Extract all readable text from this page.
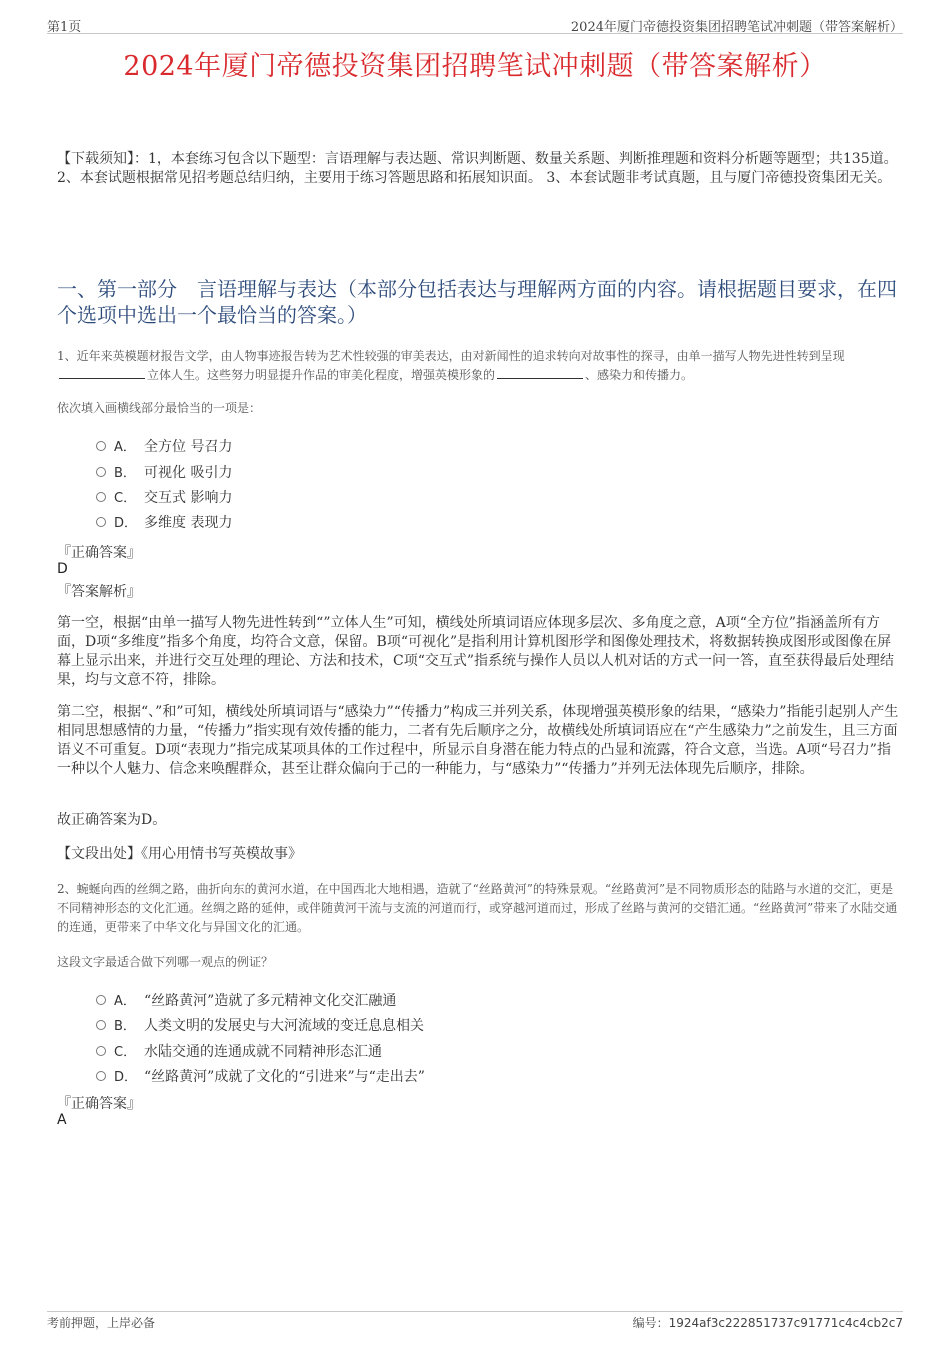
第1页	2024年厦门帝德投资集团招聘笔试冲刺题（带答案解析）
2024年厦门帝德投资集团招聘笔试冲刺题（带答案解析）
【下载须知】：1，本套练习包含以下题型：言语理解与表达题、常识判断题、数量关系题、判断推理题和资料分析题等题型；共135道。 2、本套试题根据常见招考题总结归纳，主要用于练习答题思路和拓展知识面。 3、本套试题非考试真题，且与厦门帝德投资集团无关。
一、第一部分　言语理解与表达（本部分包括表达与理解两方面的内容。请根据题目要求，在四个选项中选出一个最恰当的答案。）
1、近年来英模题材报告文学，由人物事迹报告转为艺术性较强的审美表达，由对新闻性的追求转向对故事性的探寻，由单一描写人物先进性转到呈现立体人生。这些努力明显提升作品的审美化程度，增强英模形象的	、感染力和传播力。
依次填入画横线部分最恰当的一项是：
A． 全方位 号召力
B． 可视化 吸引力
C． 交互式 影响力
D． 多维度 表现力
『正确答案』
D
『答案解析』
第一空，根据“由单一描写人物先进性转到“”立体人生”可知，横线处所填词语应体现多层次、多角度之意，A项“全方位”指涵盖所有方面，D项“多维度”指多个角度，均符合文意，保留。B项“可视化”是指利用计算机图形学和图像处理技术，将数据转换成图形或图像在屏幕上显示出来，并进行交互处理的理论、方法和技术，C项“交互式”指系统与操作人员以人机对话的方式一问一答，直至获得最后处理结果，均与文意不符，排除。
第二空，根据“、”和”可知，横线处所填词语与“感染力”“传播力”构成三并列关系，体现增强英模形象的结果，“感染力”指能引起别人产生相同思想感情的力量，“传播力”指实现有效传播的能力，二者有先后顺序之分，故横线处所填词语应在“产生感染力”之前发生，且三方面语义不可重复。D项“表现力”指完成某项具体的工作过程中，所显示自身潜在能力特点的凸显和流露，符合文意，当选。A项“号召力”指一种以个人魅力、信念来唤醒群众，甚至让群众偏向于己的一种能力，与“感染力”“传播力”并列无法体现先后顺序，排除。
故正确答案为D。
【文段出处】《用心用情书写英模故事》
2、蜿蜒向西的丝绸之路，曲折向东的黄河水道，在中国西北大地相遇，造就了“丝路黄河”的特殊景观。“丝路黄河”是不同物质形态的陆路与水道的交汇，更是不同精神形态的文化汇通。丝绸之路的延伸，或伴随黄河干流与支流的河道而行，或穿越河道而过，形成了丝路与黄河的交错汇通。“丝路黄河”带来了水陆交通的连通，更带来了中华文化与异国文化的汇通。
这段文字最适合做下列哪一观点的例证？
A． “丝路黄河”造就了多元精神文化交汇融通
B． 人类文明的发展史与大河流域的变迁息息相关
C． 水陆交通的连通成就不同精神形态汇通
D． “丝路黄河”成就了文化的“引进来”与“走出去”
『正确答案』
A
考前押题，上岸必备	编号：1924af3c222851737c91771c4c4cb2c7
